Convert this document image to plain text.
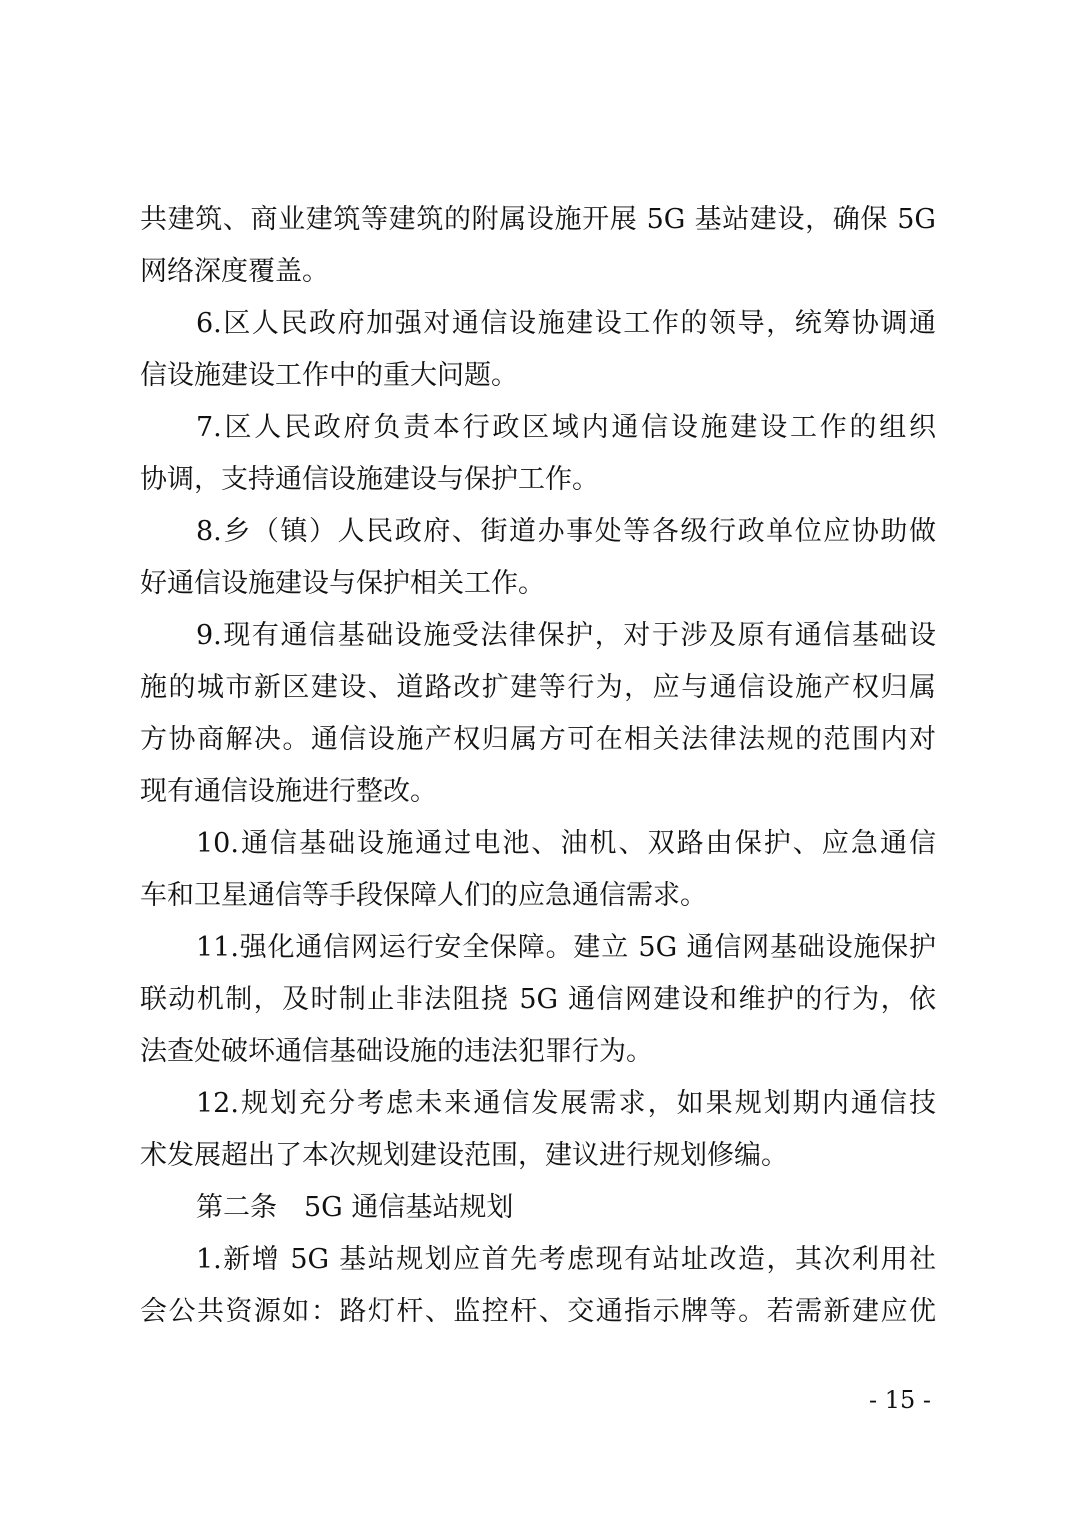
共建筑、商业建筑等建筑的附属设施开展 5G 基站建设，确保 5G
网络深度覆盖。
6.区人民政府加强对通信设施建设工作的领导，统筹协调通
信设施建设工作中的重大问题。
7.区人民政府负责本行政区域内通信设施建设工作的组织
协调，支持通信设施建设与保护工作。
8.乡（镇）人民政府、街道办事处等各级行政单位应协助做
好通信设施建设与保护相关工作。
9.现有通信基础设施受法律保护，对于涉及原有通信基础设
施的城市新区建设、道路改扩建等行为，应与通信设施产权归属
方协商解决。通信设施产权归属方可在相关法律法规的范围内对
现有通信设施进行整改。
10.通信基础设施通过电池、油机、双路由保护、应急通信
车和卫星通信等手段保障人们的应急通信需求。
11.强化通信网运行安全保障。建立 5G 通信网基础设施保护
联动机制，及时制止非法阻挠 5G 通信网建设和维护的行为，依
法查处破坏通信基础设施的违法犯罪行为。
12.规划充分考虑未来通信发展需求，如果规划期内通信技
术发展超出了本次规划建设范围，建议进行规划修编。
第二条　5G 通信基站规划
1.新增 5G 基站规划应首先考虑现有站址改造，其次利用社
会公共资源如：路灯杆、监控杆、交通指示牌等。若需新建应优
- 15 -
